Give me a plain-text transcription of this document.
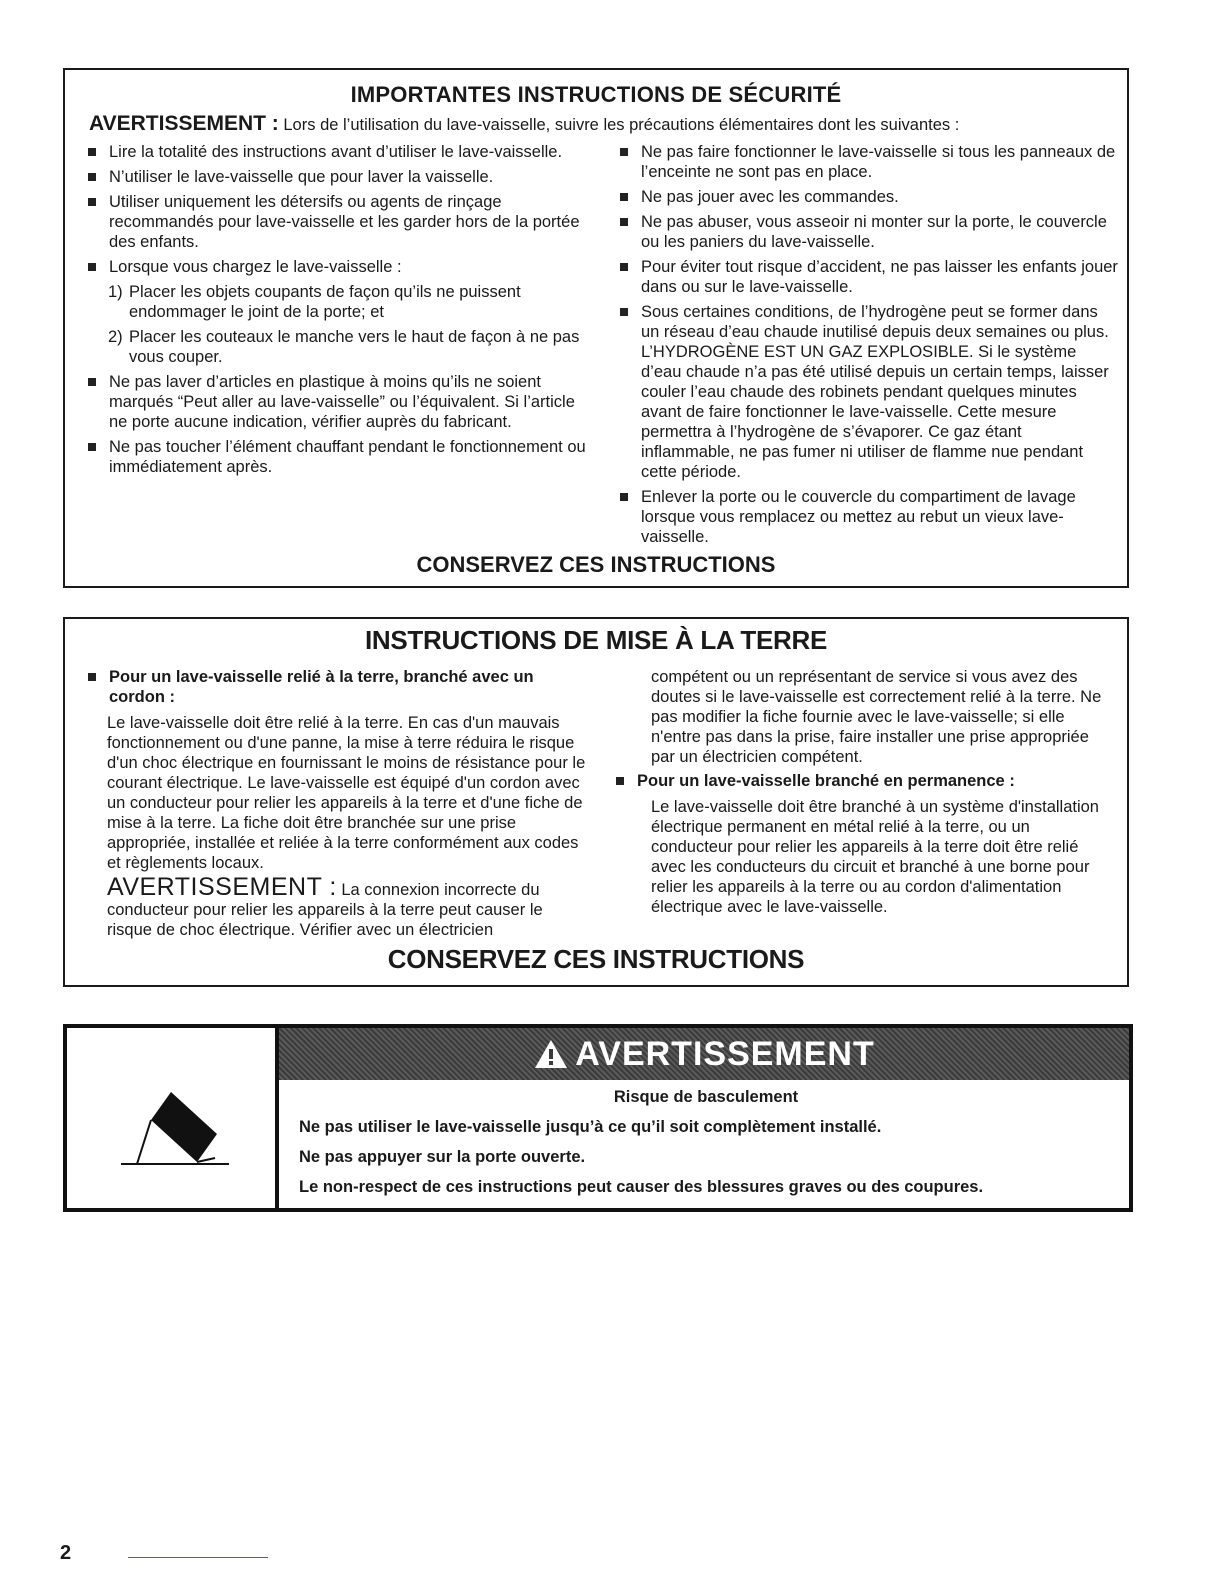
IMPORTANTES INSTRUCTIONS DE SÉCURITÉ
AVERTISSEMENT : Lors de l’utilisation du lave-vaisselle, suivre les précautions élémentaires dont les suivantes :
Lire la totalité des instructions avant d’utiliser le lave-vaisselle.
N’utiliser le lave-vaisselle que pour laver la vaisselle.
Utiliser uniquement les détersifs ou agents de rinçage recommandés pour lave-vaisselle et les garder hors de la portée des enfants.
Lorsque vous chargez le lave-vaisselle :
1) Placer les objets coupants de façon qu’ils ne puissent endommager le joint de la porte; et
2) Placer les couteaux le manche vers le haut de façon à ne pas vous couper.
Ne pas laver d’articles en plastique à moins qu’ils ne soient marqués “Peut aller au lave-vaisselle” ou l’équivalent. Si l’article ne porte aucune indication, vérifier auprès du fabricant.
Ne pas toucher l’élément chauffant pendant le fonctionnement ou immédiatement après.
Ne pas faire fonctionner le lave-vaisselle si tous les panneaux de l’enceinte ne sont pas en place.
Ne pas jouer avec les commandes.
Ne pas abuser, vous asseoir ni monter sur la porte, le couvercle ou les paniers du lave-vaisselle.
Pour éviter tout risque d’accident, ne pas laisser les enfants jouer dans ou sur le lave-vaisselle.
Sous certaines conditions, de l’hydrogène peut se former dans un réseau d’eau chaude inutilisé depuis deux semaines ou plus. L’HYDROGÈNE EST UN GAZ EXPLOSIBLE. Si le système d’eau chaude n’a pas été utilisé depuis un certain temps, laisser couler l’eau chaude des robinets pendant quelques minutes avant de faire fonctionner le lave-vaisselle. Cette mesure permettra à l’hydrogène de s’évaporer. Ce gaz étant inflammable, ne pas fumer ni utiliser de flamme nue pendant cette période.
Enlever la porte ou le couvercle du compartiment de lavage lorsque vous remplacez ou mettez au rebut un vieux lave-vaisselle.
CONSERVEZ CES INSTRUCTIONS
INSTRUCTIONS DE MISE À LA TERRE
Pour un lave-vaisselle relié à la terre, branché avec un cordon :
Le lave-vaisselle doit être relié à la terre. En cas d'un mauvais fonctionnement ou d'une panne, la mise à terre réduira le risque d'un choc électrique en fournissant le moins de résistance pour le courant électrique. Le lave-vaisselle est équipé d'un cordon avec un conducteur pour relier les appareils à la terre et d'une fiche de mise à la terre. La fiche doit être branchée sur une prise appropriée, installée et reliée à la terre conformément aux codes et règlements locaux.
AVERTISSEMENT : La connexion incorrecte du conducteur pour relier les appareils à la terre peut causer le risque de choc électrique. Vérifier avec un électricien
compétent ou un représentant de service si vous avez des doutes si le lave-vaisselle est correctement relié à la terre. Ne pas modifier la fiche fournie avec le lave-vaisselle; si elle n'entre pas dans la prise, faire installer une prise appropriée par un électricien compétent.
Pour un lave-vaisselle branché en permanence :
Le lave-vaisselle doit être branché à un système d'installation électrique permanent en métal relié à la terre, ou un conducteur pour relier les appareils à la terre doit être relié avec les conducteurs du circuit et branché à une borne pour relier les appareils à la terre ou au cordon d'alimentation électrique avec le lave-vaisselle.
CONSERVEZ CES INSTRUCTIONS
AVERTISSEMENT
Risque de basculement
Ne pas utiliser le lave-vaisselle jusqu’à ce qu’il soit complètement installé.
Ne pas appuyer sur la porte ouverte.
Le non-respect de ces instructions peut causer des blessures graves ou des coupures.
2
